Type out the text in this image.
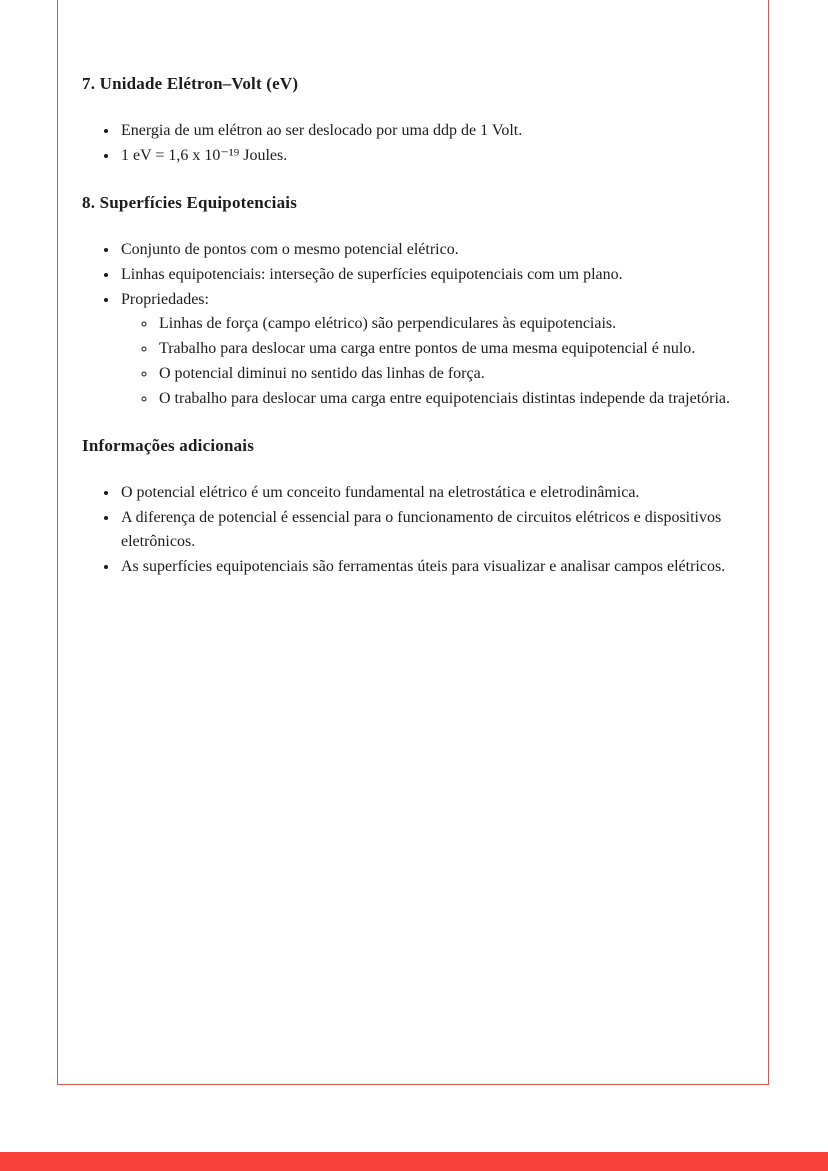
7. Unidade Elétron–Volt (eV)
• Energia de um elétron ao ser deslocado por uma ddp de 1 Volt.
• 1 eV = 1,6 x 10⁻¹⁹ Joules.
8. Superfícies Equipotenciais
• Conjunto de pontos com o mesmo potencial elétrico.
• Linhas equipotenciais: interseção de superfícies equipotenciais com um plano.
• Propriedades:
◦ Linhas de força (campo elétrico) são perpendiculares às equipotenciais.
◦ Trabalho para deslocar uma carga entre pontos de uma mesma equipotencial é nulo.
◦ O potencial diminui no sentido das linhas de força.
◦ O trabalho para deslocar uma carga entre equipotenciais distintas independe da trajetória.
Informações adicionais
• O potencial elétrico é um conceito fundamental na eletrostática e eletrodinâmica.
• A diferença de potencial é essencial para o funcionamento de circuitos elétricos e dispositivos eletrônicos.
• As superfícies equipotenciais são ferramentas úteis para visualizar e analisar campos elétricos.
